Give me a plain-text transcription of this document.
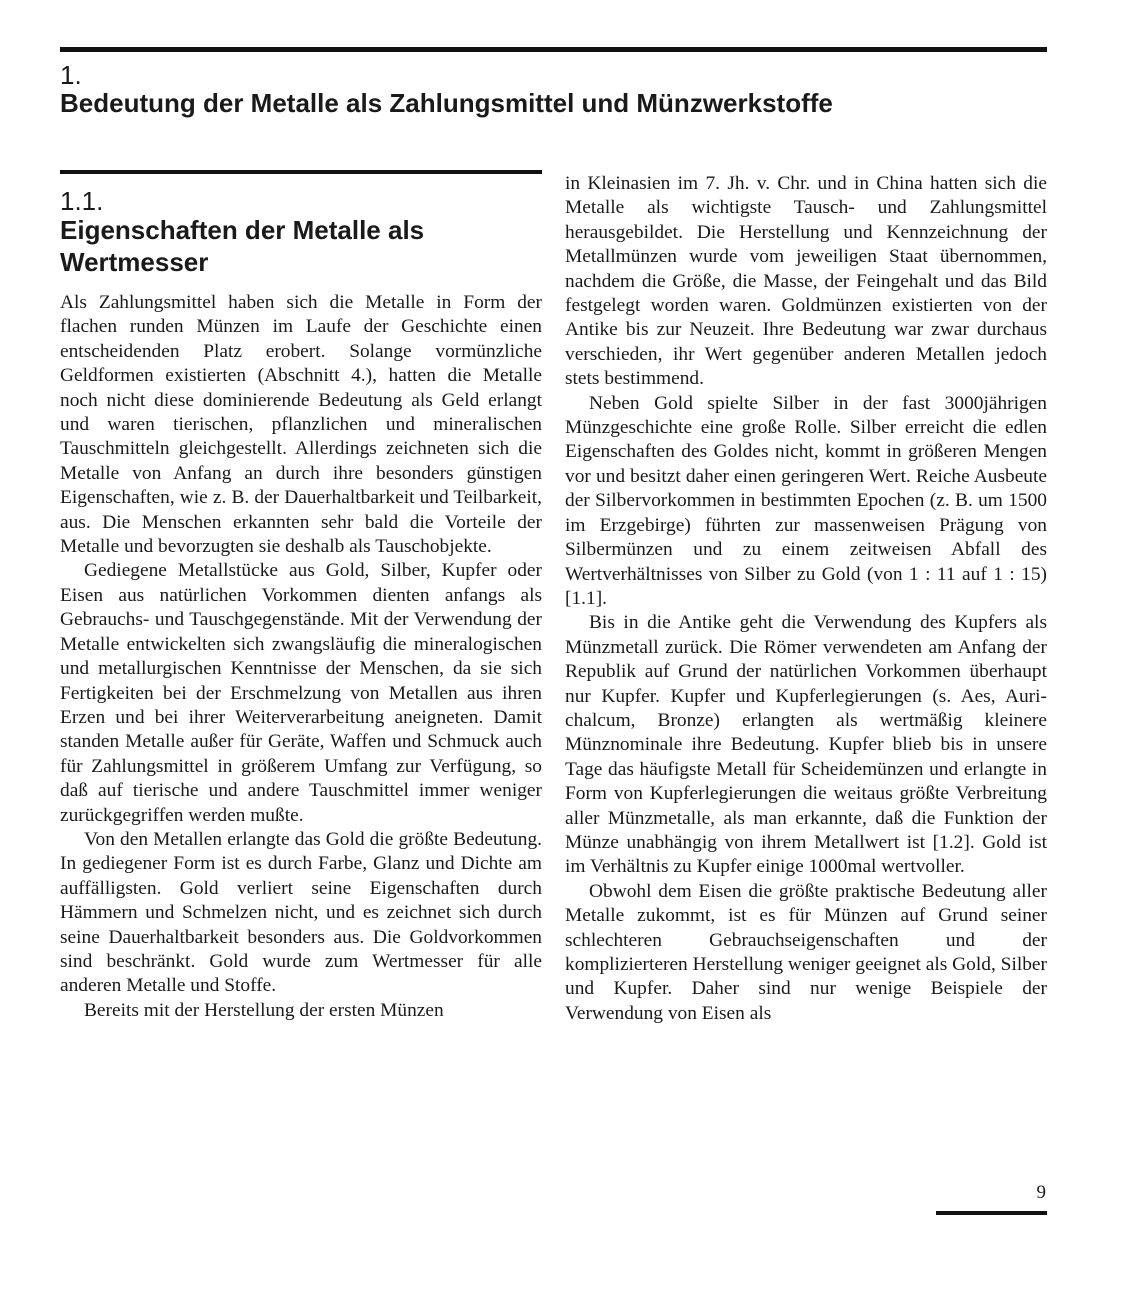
1.
Bedeutung der Metalle als Zahlungsmittel und Münzwerkstoffe
1.1.
Eigenschaften der Metalle als Wertmesser

Als Zahlungsmittel haben sich die Metalle in Form der flachen runden Münzen im Laufe der Geschichte einen entscheidenden Platz erobert. Solange vormünzliche Geldformen existierten (Abschnitt 4.), hatten die Metalle noch nicht diese dominierende Bedeutung als Geld erlangt und waren tierischen, pflanzlichen und mineralischen Tauschmitteln gleichgestellt. Allerdings zeichneten sich die Metalle von Anfang an durch ihre besonders günstigen Eigenschaften, wie z. B. der Dauerhaltbarkeit und Teilbarkeit, aus. Die Menschen erkannten sehr bald die Vorteile der Metalle und bevorzugten sie deshalb als Tauschobjekte.

Gediegene Metallstücke aus Gold, Silber, Kupfer oder Eisen aus natürlichen Vorkommen dienten anfangs als Gebrauchs- und Tauschgegenstände. Mit der Verwendung der Metalle entwickelten sich zwangsläufig die mineralogischen und metallurgischen Kenntnisse der Menschen, da sie sich Fertigkeiten bei der Erschmelzung von Metallen aus ihren Erzen und bei ihrer Weiterverarbeitung aneigneten. Damit standen Metalle außer für Geräte, Waffen und Schmuck auch für Zahlungsmittel in größerem Umfang zur Verfügung, so daß auf tierische und andere Tauschmittel immer weniger zurückgegriffen werden mußte.

Von den Metallen erlangte das Gold die größte Bedeutung. In gediegener Form ist es durch Farbe, Glanz und Dichte am auffälligsten. Gold verliert seine Eigenschaften durch Hämmern und Schmelzen nicht, und es zeichnet sich durch seine Dauerhaltbarkeit besonders aus. Die Goldvorkommen sind beschränkt. Gold wurde zum Wertmesser für alle anderen Metalle und Stoffe.

Bereits mit der Herstellung der ersten Münzen

in Kleinasien im 7. Jh. v. Chr. und in China hatten sich die Metalle als wichtigste Tausch- und Zahlungsmittel herausgebildet. Die Herstellung und Kennzeichnung der Metallmünzen wurde vom jeweiligen Staat übernommen, nachdem die Größe, die Masse, der Feingehalt und das Bild festgelegt worden waren. Goldmünzen existierten von der Antike bis zur Neuzeit. Ihre Bedeutung war zwar durchaus verschieden, ihr Wert gegenüber anderen Metallen jedoch stets bestimmend.

Neben Gold spielte Silber in der fast 3000jährigen Münzgeschichte eine große Rolle. Silber erreicht die edlen Eigenschaften des Goldes nicht, kommt in größeren Mengen vor und besitzt daher einen geringeren Wert. Reiche Ausbeute der Silbervorkommen in bestimmten Epochen (z. B. um 1500 im Erzgebirge) führten zur massenweisen Prägung von Silbermünzen und zu einem zeitweisen Abfall des Wertverhältnisses von Silber zu Gold (von 1 : 11 auf 1 : 15) [1.1].

Bis in die Antike geht die Verwendung des Kupfers als Münzmetall zurück. Die Römer verwendeten am Anfang der Republik auf Grund der natürlichen Vorkommen überhaupt nur Kupfer. Kupfer und Kupferlegierungen (s. Aes, Aurichalcum, Bronze) erlangten als wertmäßig kleinere Münznominale ihre Bedeutung. Kupfer blieb bis in unsere Tage das häufigste Metall für Scheidemünzen und erlangte in Form von Kupferlegierungen die weitaus größte Verbreitung aller Münzmetalle, als man erkannte, daß die Funktion der Münze unabhängig von ihrem Metallwert ist [1.2]. Gold ist im Verhältnis zu Kupfer einige 1000mal wertvoller.

Obwohl dem Eisen die größte praktische Bedeutung aller Metalle zukommt, ist es für Münzen auf Grund seiner schlechteren Gebrauchseigenschaften und der komplizierteren Herstellung weniger geeignet als Gold, Silber und Kupfer. Daher sind nur wenige Beispiele der Verwendung von Eisen als

9
